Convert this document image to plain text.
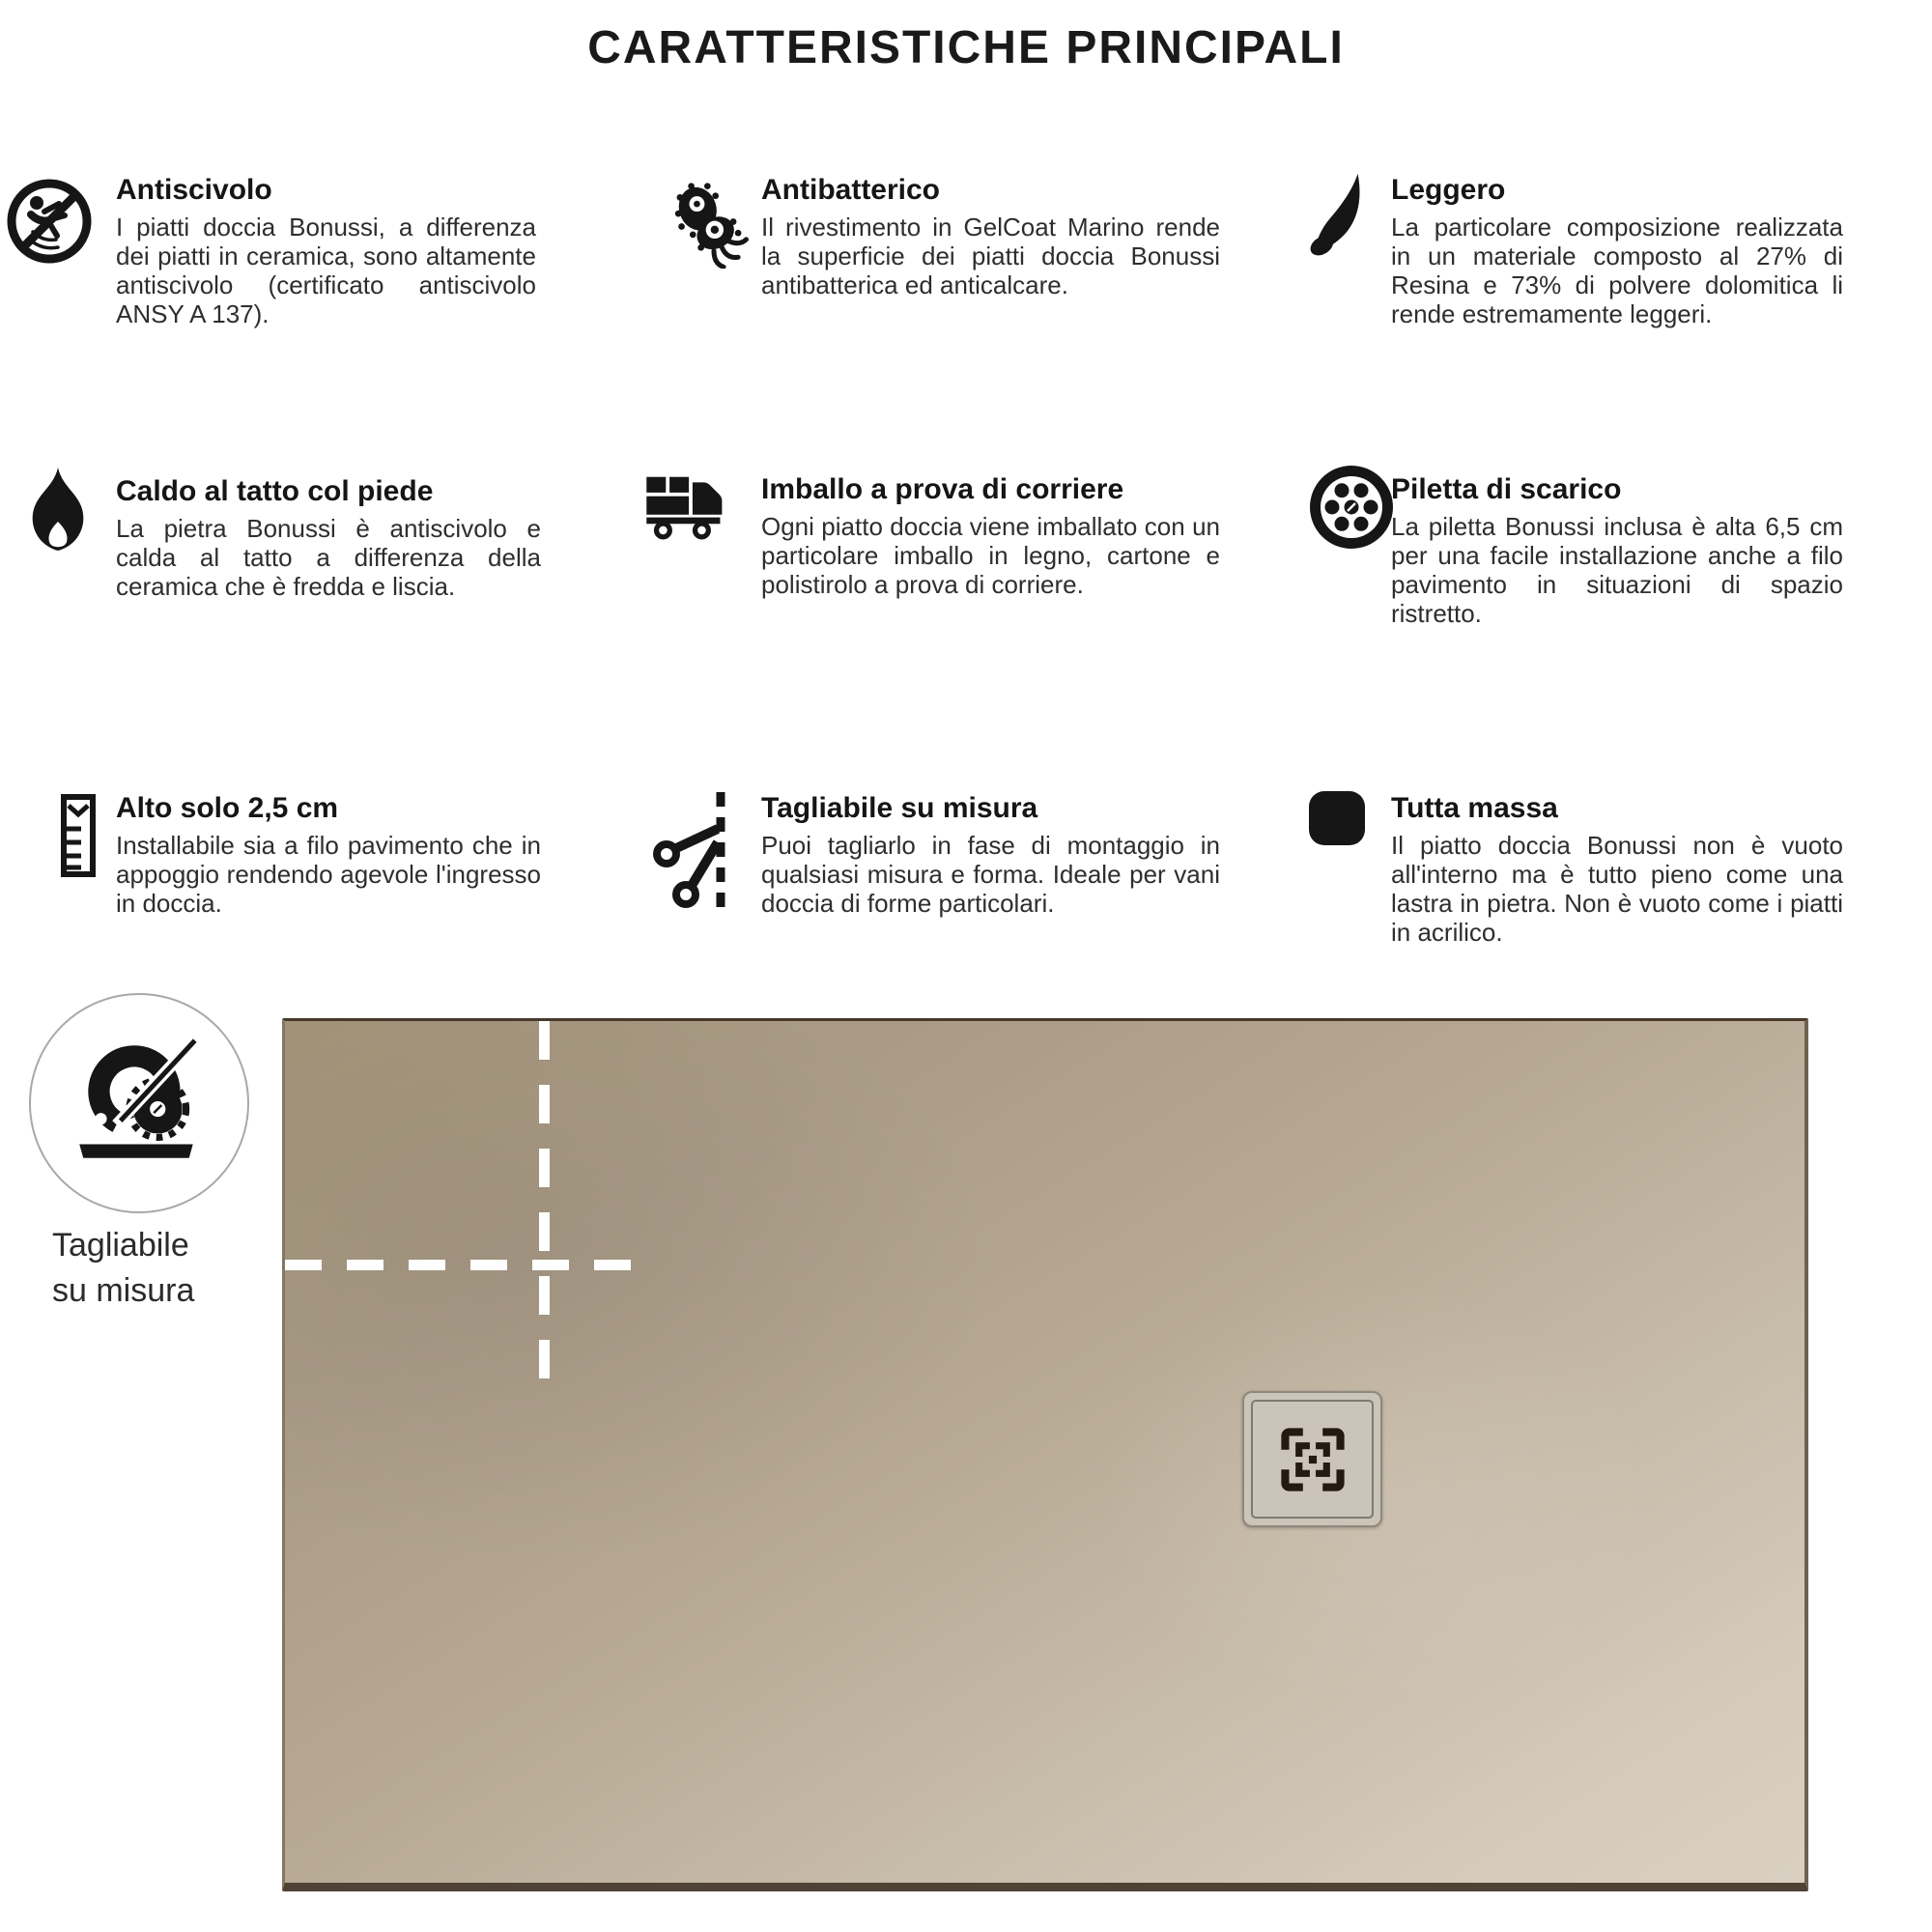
CARATTERISTICHE PRINCIPALI
Antiscivolo

I piatti doccia Bonussi, a differenza dei piatti in ceramica, sono altamente antiscivolo (certificato antiscivolo ANSY A 137).

Antibatterico

Il rivestimento in GelCoat Marino rende la superficie dei piatti doccia Bonussi antibatterica ed anticalcare.

Leggero

La particolare composizione realizzata in un materiale composto al 27% di Resina e 73% di polvere dolomitica li rende estremamente leggeri.

Caldo al tatto col piede

La pietra Bonussi è antiscivolo e calda al tatto a differenza della ceramica che è fredda e liscia.

Imballo a prova di corriere

Ogni piatto doccia viene imballato con un particolare imballo in legno, cartone e polistirolo a prova di corriere.

Piletta di scarico

La piletta Bonussi inclusa è alta 6,5 cm per una facile installazione anche a filo pavimento in situazioni di spazio ristretto.

Alto solo 2,5 cm

Installabile sia a filo pavimento che in appoggio rendendo agevole l'ingresso in doccia.

Tagliabile su misura

Puoi tagliarlo in fase di montaggio in qualsiasi misura e forma. Ideale per vani doccia di forme particolari.

Tutta massa

Il piatto doccia Bonussi non è vuoto all'interno ma è tutto pieno come una lastra in pietra. Non è vuoto come i piatti in acrilico.

Tagliabile
su misura
